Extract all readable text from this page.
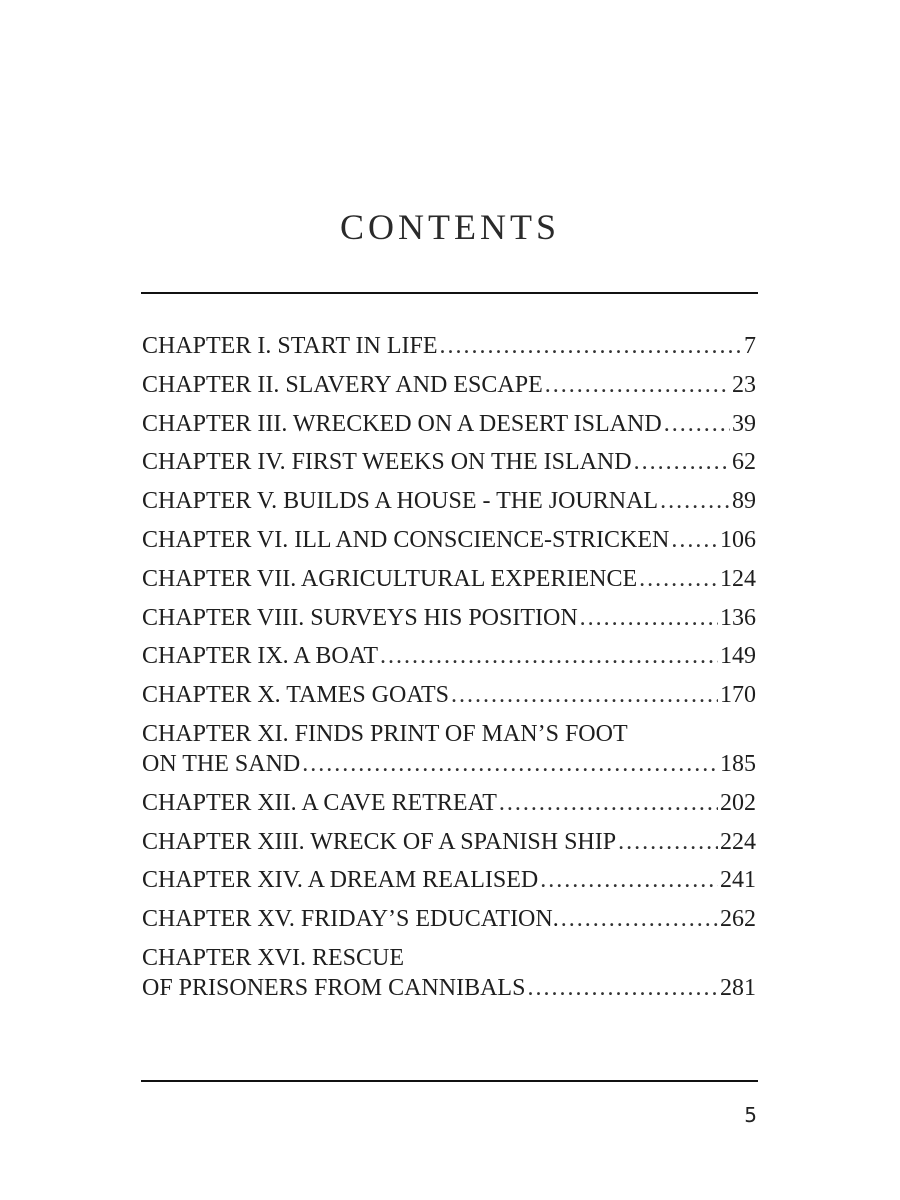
CONTENTS
CHAPTER I. START IN LIFE .....	7
CHAPTER II. SLAVERY AND ESCAPE .....	23
CHAPTER III. WRECKED ON A DESERT ISLAND .....	39
CHAPTER IV. FIRST WEEKS ON THE ISLAND .....	62
CHAPTER V. BUILDS A HOUSE - THE JOURNAL .....	89
CHAPTER VI. ILL AND CONSCIENCE-STRICKEN ..... 106
CHAPTER VII. AGRICULTURAL EXPERIENCE .....	124
CHAPTER VIII. SURVEYS HIS POSITION .....	136
CHAPTER IX. A BOAT .....	149
CHAPTER X. TAMES GOATS .....	170
CHAPTER XI. FINDS PRINT OF MAN’S FOOT
ON THE SAND .....	185
CHAPTER XII. A CAVE RETREAT .....	202
CHAPTER XIII. WRECK OF A SPANISH SHIP .....	224
CHAPTER XIV. A DREAM REALISED .....	241
CHAPTER XV. FRIDAY’S EDUCATION. .....	262
CHAPTER XVI. RESCUE
OF PRISONERS FROM CANNIBALS .....	281
5
